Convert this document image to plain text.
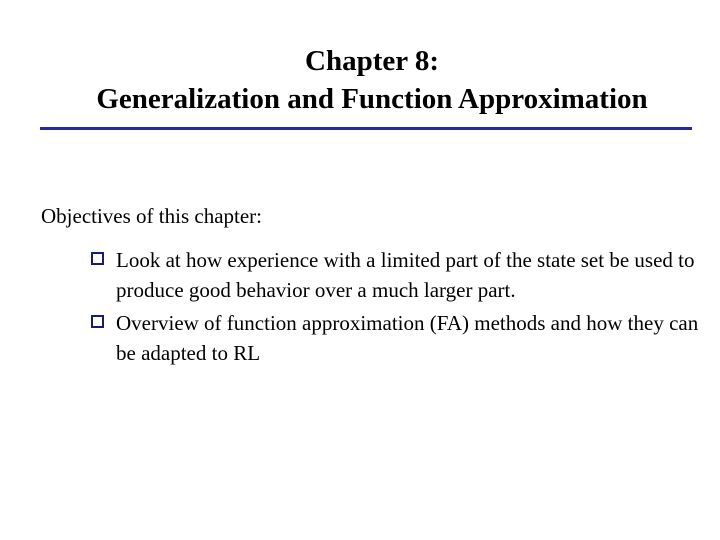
Chapter 8:
Generalization and Function Approximation
Objectives of this chapter:
Look at how experience with a limited part of the state set be used to produce good behavior over a much larger part.
Overview of function approximation (FA) methods and how they can be adapted to RL
